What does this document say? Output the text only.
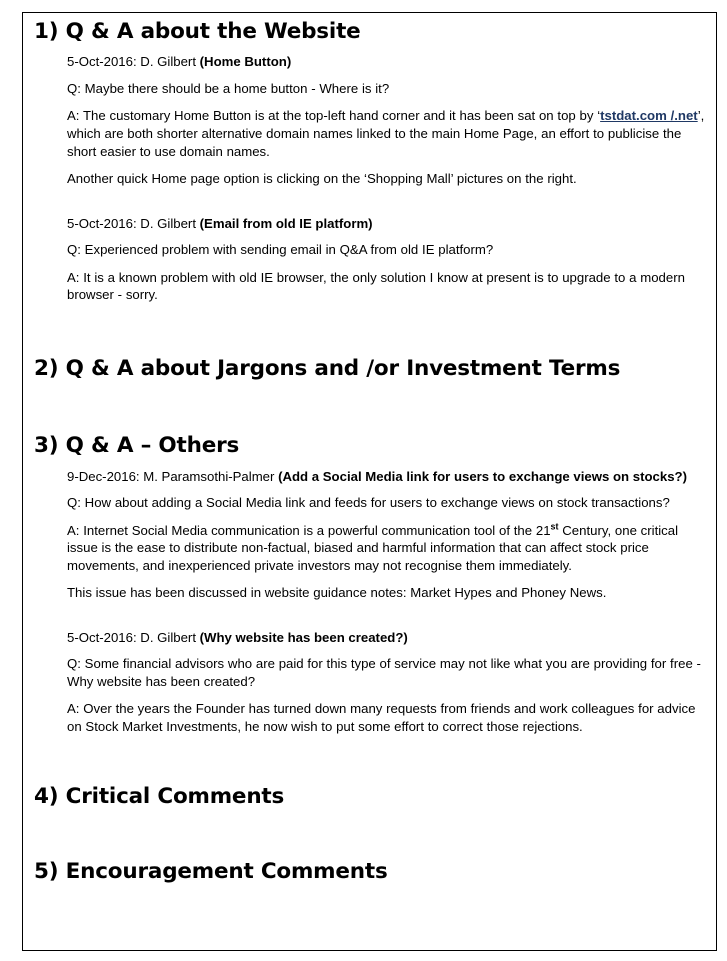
1) Q & A about the Website

5-Oct-2016: D. Gilbert (Home Button)

Q: Maybe there should be a home button - Where is it?

A: The customary Home Button is at the top-left hand corner and it has been sat on top by ‘tstdat.com /.net’, which are both shorter alternative domain names linked to the main Home Page, an effort to publicise the short easier to use domain names.

Another quick Home page option is clicking on the ‘Shopping Mall’ pictures on the right.

5-Oct-2016: D. Gilbert (Email from old IE platform)

Q: Experienced problem with sending email in Q&A from old IE platform?

A: It is a known problem with old IE browser, the only solution I know at present is to upgrade to a modern browser - sorry.

2) Q & A about Jargons and /or Investment Terms
3) Q & A – Others

9-Dec-2016: M. Paramsothi-Palmer (Add a Social Media link for users to exchange views on stocks?)

Q: How about adding a Social Media link and feeds for users to exchange views on stock transactions?

A: Internet Social Media communication is a powerful communication tool of the 21st Century, one critical issue is the ease to distribute non-factual, biased and harmful information that can affect stock price movements, and inexperienced private investors may not recognise them immediately.

This issue has been discussed in website guidance notes: Market Hypes and Phoney News.

5-Oct-2016: D. Gilbert (Why website has been created?)

Q: Some financial advisors who are paid for this type of service may not like what you are providing for free - Why website has been created?

A: Over the years the Founder has turned down many requests from friends and work colleagues for advice on Stock Market Investments, he now wish to put some effort to correct those rejections.

4) Critical Comments
5) Encouragement Comments
